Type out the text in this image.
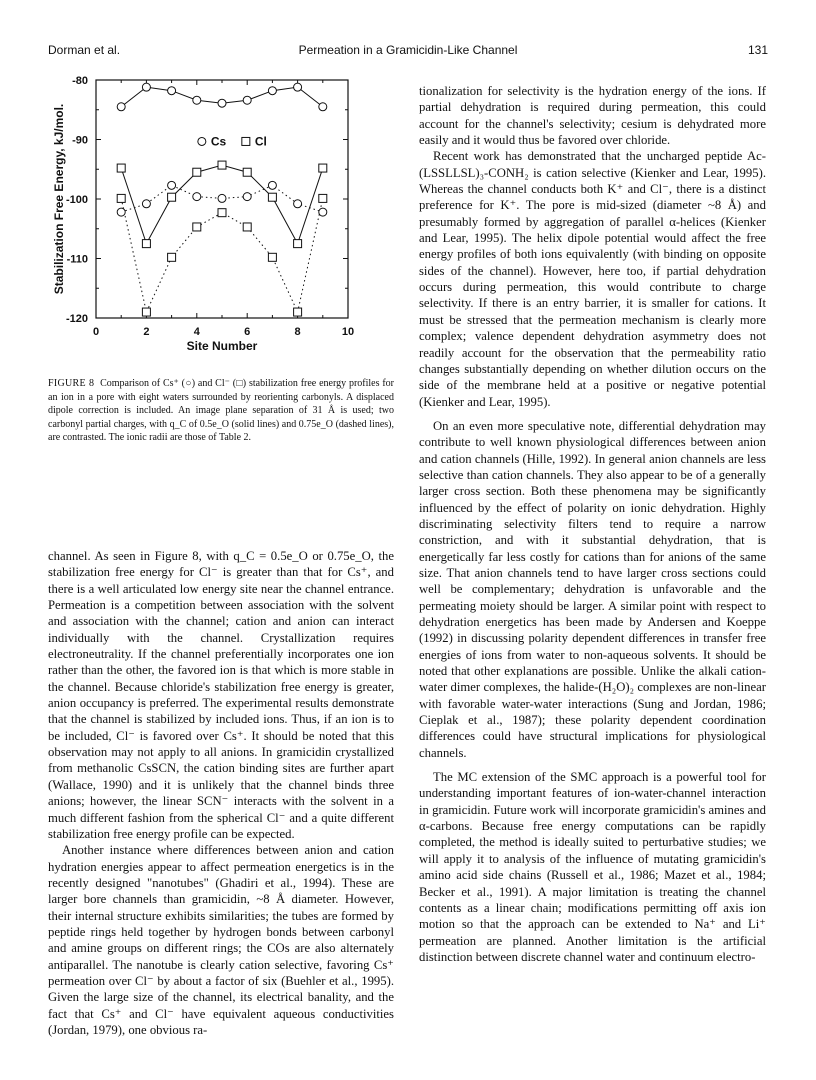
Dorman et al.	Permeation in a Gramicidin-Like Channel	131
-80
-90
-100
-110
-120
0	2	4	6	8	10
Site Number
Stabilization Free Energy, kJ/mol.	Cs Cl
FIGURE 8 Comparison of Cs⁺ (○) and Cl⁻ (□) stabilization free energy profiles for an ion in a pore with eight waters surrounded by reorienting carbonyls. A displaced dipole correction is included. An image plane separation of 31 Å is used; two carbonyl partial charges, with q_C of 0.5e_O (solid lines) and 0.75e_O (dashed lines), are contrasted. The ionic radii are those of Table 2.

channel. As seen in Figure 8, with q_C = 0.5e_O or 0.75e_O, the stabilization free energy for Cl⁻ is greater than that for Cs⁺, and there is a well articulated low energy site near the channel entrance. Permeation is a competition between association with the solvent and association with the channel; cation and anion can interact individually with the channel. Crystallization requires electroneutrality. If the channel preferentially incorporates one ion rather than the other, the favored ion is that which is more stable in the channel. Because chloride's stabilization free energy is greater, anion occupancy is preferred. The experimental results demonstrate that the channel is stabilized by included ions. Thus, if an ion is to be included, Cl⁻ is favored over Cs⁺. It should be noted that this observation may not apply to all anions. In gramicidin crystallized from methanolic CsSCN, the cation binding sites are further apart (Wallace, 1990) and it is unlikely that the channel binds three anions; however, the linear SCN⁻ interacts with the solvent in a much different fashion from the spherical Cl⁻ and a quite different stabilization free energy profile can be expected.

Another instance where differences between anion and cation hydration energies appear to affect permeation energetics is in the recently designed "nanotubes" (Ghadiri et al., 1994). These are larger bore channels than gramicidin, ~8 Å diameter. However, their internal structure exhibits similarities; the tubes are formed by peptide rings held together by hydrogen bonds between carbonyl and amine groups on different rings; the COs are also alternately antiparallel. The nanotube is clearly cation selective, favoring Cs⁺ permeation over Cl⁻ by about a factor of six (Buehler et al., 1995). Given the large size of the channel, its electrical banality, and the fact that Cs⁺ and Cl⁻ have equivalent aqueous conductivities (Jordan, 1979), one obvious ra-

tionalization for selectivity is the hydration energy of the ions. If partial dehydration is required during permeation, this could account for the channel's selectivity; cesium is dehydrated more easily and it would thus be favored over chloride.

Recent work has demonstrated that the uncharged peptide Ac-(LSSLLSL)₃-CONH₂ is cation selective (Kienker and Lear, 1995). Whereas the channel conducts both K⁺ and Cl⁻, there is a distinct preference for K⁺. The pore is mid-sized (diameter ~8 Å) and presumably formed by aggregation of parallel α-helices (Kienker and Lear, 1995). The helix dipole potential would affect the free energy profiles of both ions equivalently (with binding on opposite sides of the channel). However, here too, if partial dehydration occurs during permeation, this would contribute to charge selectivity. If there is an entry barrier, it is smaller for cations. It must be stressed that the permeation mechanism is clearly more complex; valence dependent dehydration asymmetry does not readily account for the observation that the permeability ratio changes substantially depending on whether dilution occurs on the side of the membrane held at a positive or negative potential (Kienker and Lear, 1995).

On an even more speculative note, differential dehydration may contribute to well known physiological differences between anion and cation channels (Hille, 1992). In general anion channels are less selective than cation channels. They also appear to be of a generally larger cross section. Both these phenomena may be significantly influenced by the effect of polarity on ionic dehydration. Highly discriminating selectivity filters tend to require a narrow constriction, and with it substantial dehydration, that is energetically far less costly for cations than for anions of the same size. That anion channels tend to have larger cross sections could well be complementary; dehydration is unfavorable and the permeating moiety should be larger. A similar point with respect to dehydration energetics has been made by Andersen and Koeppe (1992) in discussing polarity dependent differences in transfer free energies of ions from water to non-aqueous solvents. It should be noted that other explanations are possible. Unlike the alkali cation-water dimer complexes, the halide-(H₂O)₂ complexes are non-linear with favorable water-water interactions (Sung and Jordan, 1986; Cieplak et al., 1987); these polarity dependent coordination differences could have structural implications for physiological channels.

The MC extension of the SMC approach is a powerful tool for understanding important features of ion-water-channel interaction in gramicidin. Future work will incorporate gramicidin's amines and α-carbons. Because free energy computations can be rapidly completed, the method is ideally suited to perturbative studies; we will apply it to analysis of the influence of mutating gramicidin's amino acid side chains (Russell et al., 1986; Mazet et al., 1984; Becker et al., 1991). A major limitation is treating the channel contents as a linear chain; modifications permitting off axis ion motion so that the approach can be extended to Na⁺ and Li⁺ permeation are planned. Another limitation is the artificial distinction between discrete channel water and continuum electro-
